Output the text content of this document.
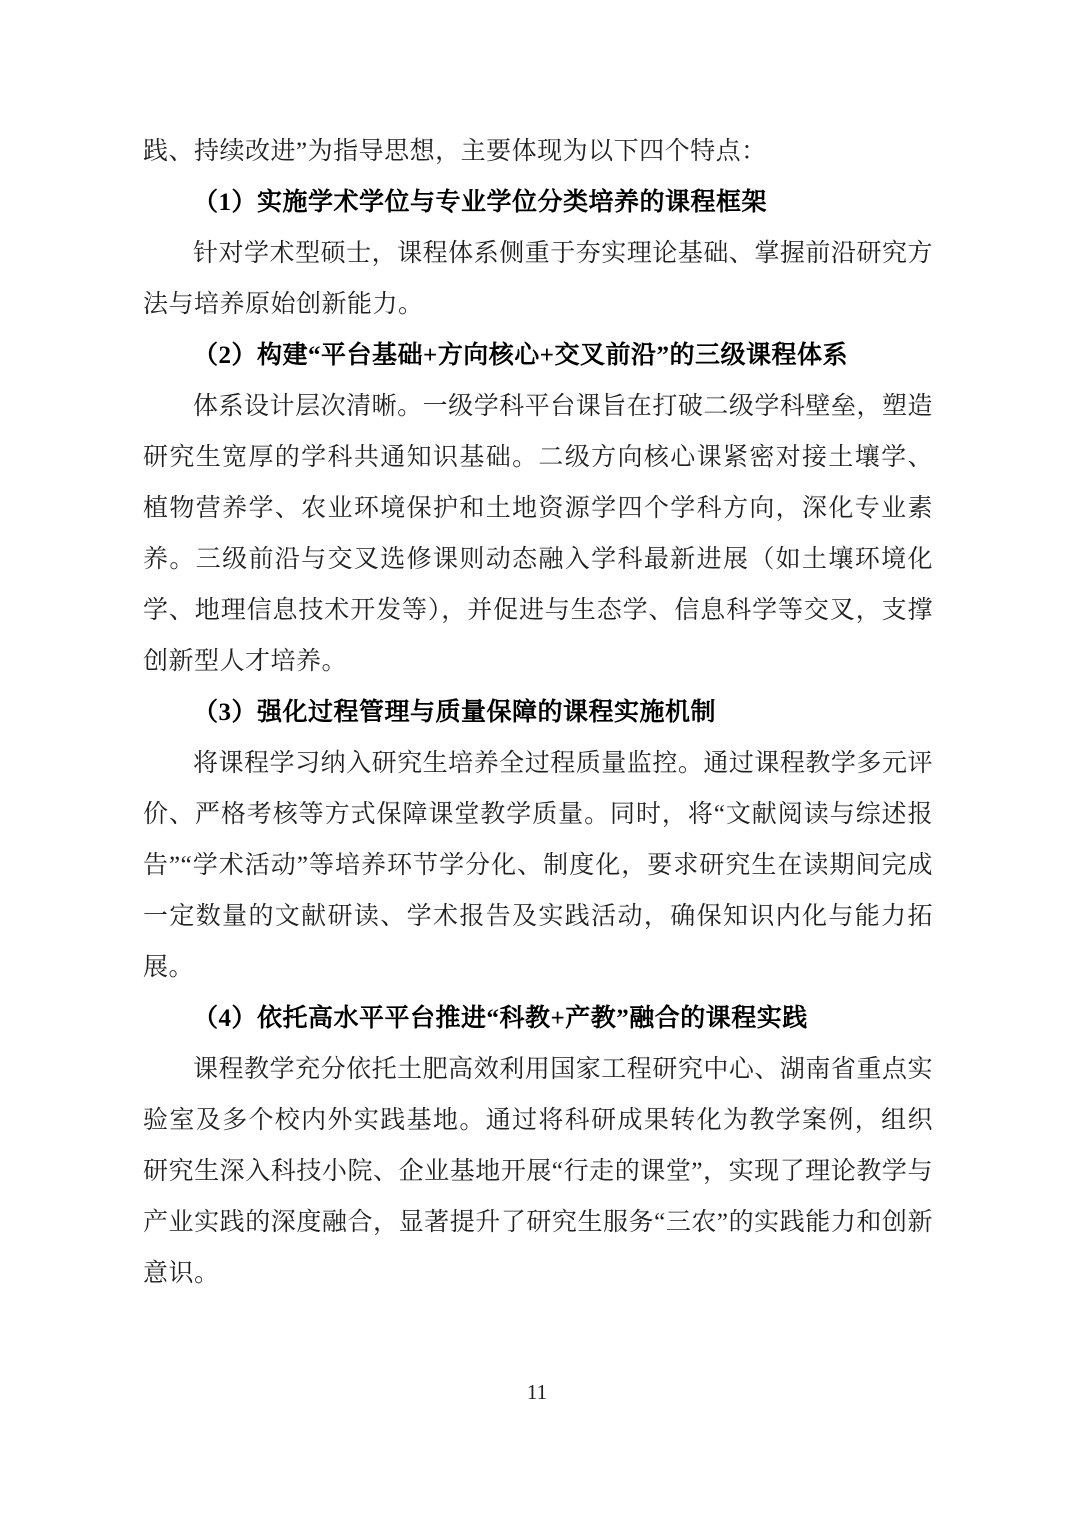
践、持续改进”为指导思想，主要体现为以下四个特点：

（1）实施学术学位与专业学位分类培养的课程框架

针对学术型硕士，课程体系侧重于夯实理论基础、掌握前沿研究方法与培养原始创新能力。

（2）构建“平台基础+方向核心+交叉前沿”的三级课程体系

体系设计层次清晰。一级学科平台课旨在打破二级学科壁垒，塑造研究生宽厚的学科共通知识基础。二级方向核心课紧密对接土壤学、植物营养学、农业环境保护和土地资源学四个学科方向，深化专业素养。三级前沿与交叉选修课则动态融入学科最新进展（如土壤环境化学、地理信息技术开发等），并促进与生态学、信息科学等交叉，支撑创新型人才培养。

（3）强化过程管理与质量保障的课程实施机制

将课程学习纳入研究生培养全过程质量监控。通过课程教学多元评价、严格考核等方式保障课堂教学质量。同时，将“文献阅读与综述报告”“学术活动”等培养环节学分化、制度化，要求研究生在读期间完成一定数量的文献研读、学术报告及实践活动，确保知识内化与能力拓展。

（4）依托高水平平台推进“科教+产教”融合的课程实践

课程教学充分依托土肥高效利用国家工程研究中心、湖南省重点实验室及多个校内外实践基地。通过将科研成果转化为教学案例，组织研究生深入科技小院、企业基地开展“行走的课堂”，实现了理论教学与产业实践的深度融合，显著提升了研究生服务“三农”的实践能力和创新意识。

11
